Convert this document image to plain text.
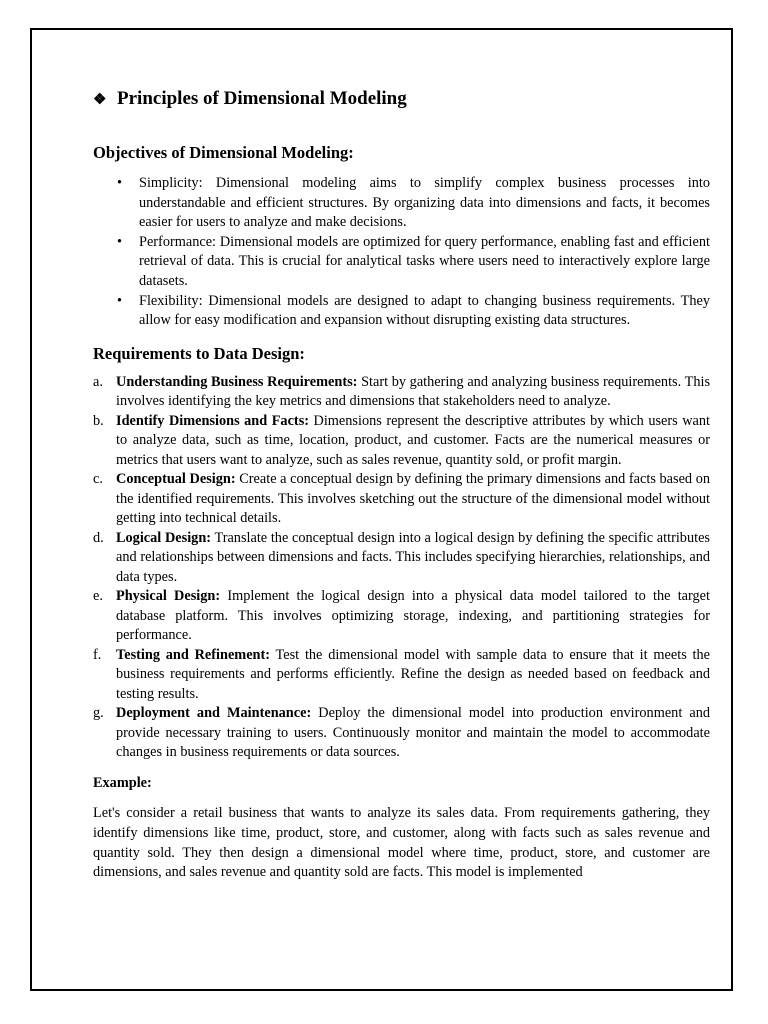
❖ Principles of Dimensional Modeling
Objectives of Dimensional Modeling:
• Simplicity: Dimensional modeling aims to simplify complex business processes into understandable and efficient structures. By organizing data into dimensions and facts, it becomes easier for users to analyze and make decisions.
• Performance: Dimensional models are optimized for query performance, enabling fast and efficient retrieval of data. This is crucial for analytical tasks where users need to interactively explore large datasets.
• Flexibility: Dimensional models are designed to adapt to changing business requirements. They allow for easy modification and expansion without disrupting existing data structures.
Requirements to Data Design:
a. Understanding Business Requirements: Start by gathering and analyzing business requirements. This involves identifying the key metrics and dimensions that stakeholders need to analyze.
b. Identify Dimensions and Facts: Dimensions represent the descriptive attributes by which users want to analyze data, such as time, location, product, and customer. Facts are the numerical measures or metrics that users want to analyze, such as sales revenue, quantity sold, or profit margin.
c. Conceptual Design: Create a conceptual design by defining the primary dimensions and facts based on the identified requirements. This involves sketching out the structure of the dimensional model without getting into technical details.
d. Logical Design: Translate the conceptual design into a logical design by defining the specific attributes and relationships between dimensions and facts. This includes specifying hierarchies, relationships, and data types.
e. Physical Design: Implement the logical design into a physical data model tailored to the target database platform. This involves optimizing storage, indexing, and partitioning strategies for performance.
f. Testing and Refinement: Test the dimensional model with sample data to ensure that it meets the business requirements and performs efficiently. Refine the design as needed based on feedback and testing results.
g. Deployment and Maintenance: Deploy the dimensional model into production environment and provide necessary training to users. Continuously monitor and maintain the model to accommodate changes in business requirements or data sources.

Example:

Let's consider a retail business that wants to analyze its sales data. From requirements gathering, they identify dimensions like time, product, store, and customer, along with facts such as sales revenue and quantity sold. They then design a dimensional model where time, product, store, and customer are dimensions, and sales revenue and quantity sold are facts. This model is implemented
